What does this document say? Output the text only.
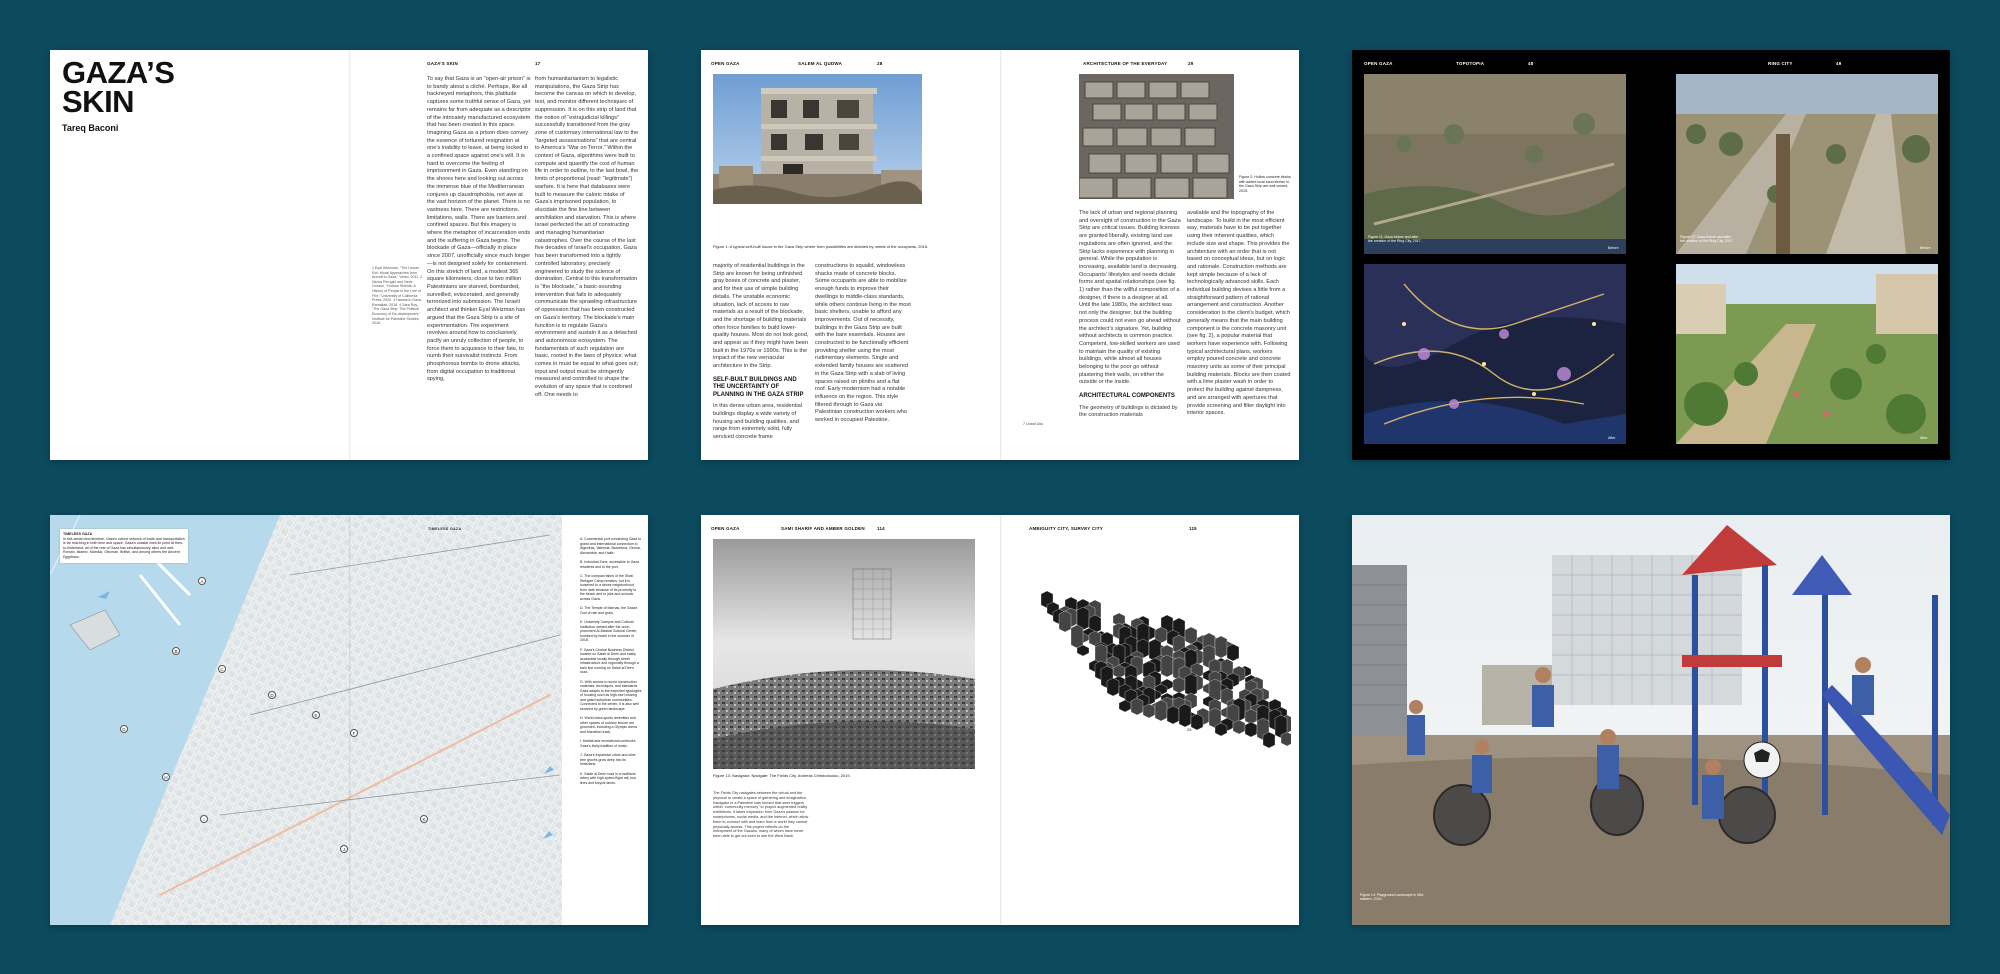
GAZA’S SKIN
Tareq Baconi
GAZA’S SKIN	17
1 Eyal Weizman, “The Lesser Evil: Moral Approaches from Arendt to Gaza,” Verso, 2011. 2 Nicola Perugini and Neve Gordon, “Human Shields: A History of People in the Line of Fire,” University of California Press, 2020. 3 Hamas in Gaza, Ramallah, 2018. 4 Sara Roy, “The Gaza Strip: The Political Economy of De-development,” Institute for Palestine Studies, 2016.
To say that Gaza is an “open-air prison” is to bandy about a cliché. Perhaps, like all hackneyed metaphors, this platitude captures some truthful sense of Gaza, yet remains far from adequate as a descriptor of the intricately manufactured ecosystem that has been created in this space. Imagining Gaza as a prison does convey the essence of tortured resignation at one’s inability to leave, at being locked in a confined space against one’s will. It is hard to overcome the feeling of imprisonment in Gaza. Even standing on the shores here and looking out across the immense blue of the Mediterranean conjures up claustrophobia, not awe at the vast horizon of the planet. There is no vastness here. There are restrictions, limitations, walls. There are barriers and confined spaces. But this imagery is where the metaphor of incarceration ends and the suffering in Gaza begins. The blockade of Gaza—officially in place since 2007, unofficially since much longer—is not designed solely for containment. On this stretch of land, a modest 365 square kilometers, close to two million Palestinians are starved, bombarded, surveilled, eviscerated, and generally terrorized into submission. The Israeli architect and thinker Eyal Weizman has argued that the Gaza Strip is a site of experimentation. The experiment revolves around how to conclusively pacify an unruly collection of people, to force them to acquiesce to their fate, to numb their survivalist instincts. From phosphorous bombs to drone attacks, from digital occupation to traditional spying,
from humanitarianism to legalistic manipulations, the Gaza Strip has become the canvas on which to develop, test, and monitor different techniques of suppression. It is on this strip of land that the notion of “extrajudicial killings” successfully transitioned from the gray zone of customary international law to the “targeted assassinations” that are central to America’s “War on Terror.” Within the context of Gaza, algorithms were built to compute and quantify the cost of human life in order to outline, to the last bowl, the limits of proportional (read: “legitimate”) warfare. It is here that databases were built to measure the caloric intake of Gaza’s imprisoned population, to elucidate the fine line between annihilation and starvation. This is where Israel perfected the art of constructing and managing humanitarian catastrophes. Over the course of the last five decades of Israel’s occupation, Gaza has been transformed into a tightly controlled laboratory, precisely engineered to study the science of domination. Central to this transformation is “the blockade,” a basic-sounding intervention that fails to adequately communicate the sprawling infrastructure of oppression that has been constructed on Gaza’s territory. The blockade’s main function is to regulate Gaza’s environment and sustain it as a detached and autonomous ecosystem. The fundamentals of such regulation are basic, rooted in the laws of physics: what comes in must be equal to what goes out; input and output must be stringently measured and controlled to shape the evolution of any space that is cordoned off. One needs to
OPEN GAZA	SALEM AL QUDWA	28	ARCHITECTURE OF THE EVERYDAY	29
Figure 1: A typical self-built house in the Gaza Strip where form possibilities are dictated by needs of the occupants, 2015.

majority of residential buildings in the Strip are known for being unfinished gray boxes of concrete and plaster, and for their use of simple building details. The unstable economic situation, lack of access to raw materials as a result of the blockade, and the shortage of building materials often force families to build lower-quality houses. Most do not look good, and appear as if they might have been built in the 1970s or 1990s. This is the impact of the new vernacular architecture in the Strip.

SELF-BUILT BUILDINGS AND THE UNCERTAINTY OF PLANNING IN THE GAZA STRIP

In this dense urban area, residential buildings display a wide variety of housing and building qualities, and range from extremely solid, fully serviced concrete frame

constructions to squalid, windowless shacks made of concrete blocks. Some occupants are able to mobilize enough funds to improve their dwellings to middle-class standards, while others continue living in the most basic shelters, unable to afford any improvements. Out of necessity, buildings in the Gaza Strip are built with the bare essentials. Houses are constructed to be functionally efficient providing shelter using the most rudimentary elements. Single and extended family houses are scattered in the Gaza Strip with a slab of living spaces raised on plinths and a flat roof. Early modernism had a notable influence on the region. This style filtered through to Gaza via Palestinian construction workers who worked in occupied Palestine.
Figure 2: Hollow concrete blocks with added local sand strewn in the Gaza Strip are well versed, 2015.
7 Ucasit Alia

The lack of urban and regional planning and oversight of construction in the Gaza Strip are critical issues. Building licenses are granted liberally, existing land use regulations are often ignored, and the Strip lacks experience with planning in general. While the population is increasing, available land is decreasing. Occupants’ lifestyles and needs dictate forms and spatial relationships (see fig. 1) rather than the willful composition of a designer, if there is a designer at all. Until the late 1980s, the architect was not only the designer, but the building process could not even go ahead without the architect’s signature. Yet, building without architects is common practice. Competent, low-skilled workers are used to maintain the quality of existing buildings, while almost all houses belonging to the poor go without plastering their walls, on either the outside or the inside.

ARCHITECTURAL COMPONENTS

The geometry of buildings is dictated by the construction materials

available and the topography of the landscape. To build in the most efficient way, materials have to be put together using their inherent qualities, which include size and shape. This provides the architecture with an order that is not based on conceptual ideas, but on logic and rationale. Construction methods are kept simple because of a lack of technologically advanced skills. Each individual building devises a little from a straightforward pattern of rational arrangement and construction. Another consideration is the client’s budget, which generally means that the main building component is the concrete masonry unit (see fig. 2), a popular material that workers have experience with. Following typical architectural plans, workers employ poured concrete and concrete masonry units as some of their principal building materials. Blocks are then coated with a lime plaster wash in order to protect the building against dampness, and are arranged with apertures that provide screening and filter daylight into interior spaces.
OPEN GAZA	TOPOTOPIA	48	RING CITY	49
Figure 11: Gaza before and after the creation of the Ring City, 2017.
Before
Figure 12: Gaza before and after the creation of the Ring City, 2017.
Before
After	After
TIMELESS GAZA
In this aerial view timeline, Gaza’s robust network of trade and transportation is far reaching in both time and space. Gaza’s coastal lines lie point at then-to-hinterland; all of the rest of Gaza has simultaneously alive and well. Roman, Islamic, Mamluk, Ottoman, British, and among others the Ancient Egyptians.
TIMELESS GAZA
A
B
C
D
E
F
G
H
I
J
K

A. Commercial port connecting Gaza to grand and international connection to Algeciras, Valencia, Barcelona, Genoa, Alexandria, and Haifa.

B. Industrial Zone, accessible to Gaza residents and to the port.

C. The compact fabric of the Shati Refugee Camp remains, but it is loosened to a dense neighborhood, from date because of its proximity to the beach and to jobs and schools across Gaza.

D. The Temple of Marnas, the Gazan God of rain and grain.

E. University Campus and Cultural Institution named after the once-prominent Al-Mashal Cultural Center, bombed by Israel in the summer of 2018.

F. Gaza’s Central Business District located on Salah al Deen and easily accessible locally through street infrastructure and regionally through a train line running on Salah al Deen road.

G. With access to world construction materials, techniques, and standards Gaza adapts to the expected typologies of housing such as high-rise housing and gated suburban communities. Connected to the center, it is also well serviced by green landscape.

H. World class sports amenities and other spaces of outdoor leisure are grounded, including a Olympic arena and Marathon track.

I. Martial arts recreational continues Gaza’s lively tradition of music.

J. Gaza’s expansive citrus and olive tree groves grow deep into its hinterland.

K. Salah al Deen road is a multilane artery with high-speed flight rail, bus lines and bicycle lanes.

OPEN GAZA	SAMI SHARIF AND AMBER GOLDEN	114	AMBIGUITY CITY, SURVEY CITY	115
Figure 13: Navigator: Navigate: The Fields City. Andreas Christodoulou, 2019.
The Fields City navigates between the virtual and the physical to create a space of gathering and imagination. Navigator in a Palestine was formed that sees triggers within “community memory” to project augmented reality exhibitions. It takes inspiration from Gaza’s passion for smartphones, social media, and the internet, which allow them to connect with and learn from a world they cannot physically access. This project reflects on the entrapment of the Gazans, many of whom have never been able to get out even to see the West Bank.
25
Figure 14: Playground Landscape in Mid-eastern, 2019.
